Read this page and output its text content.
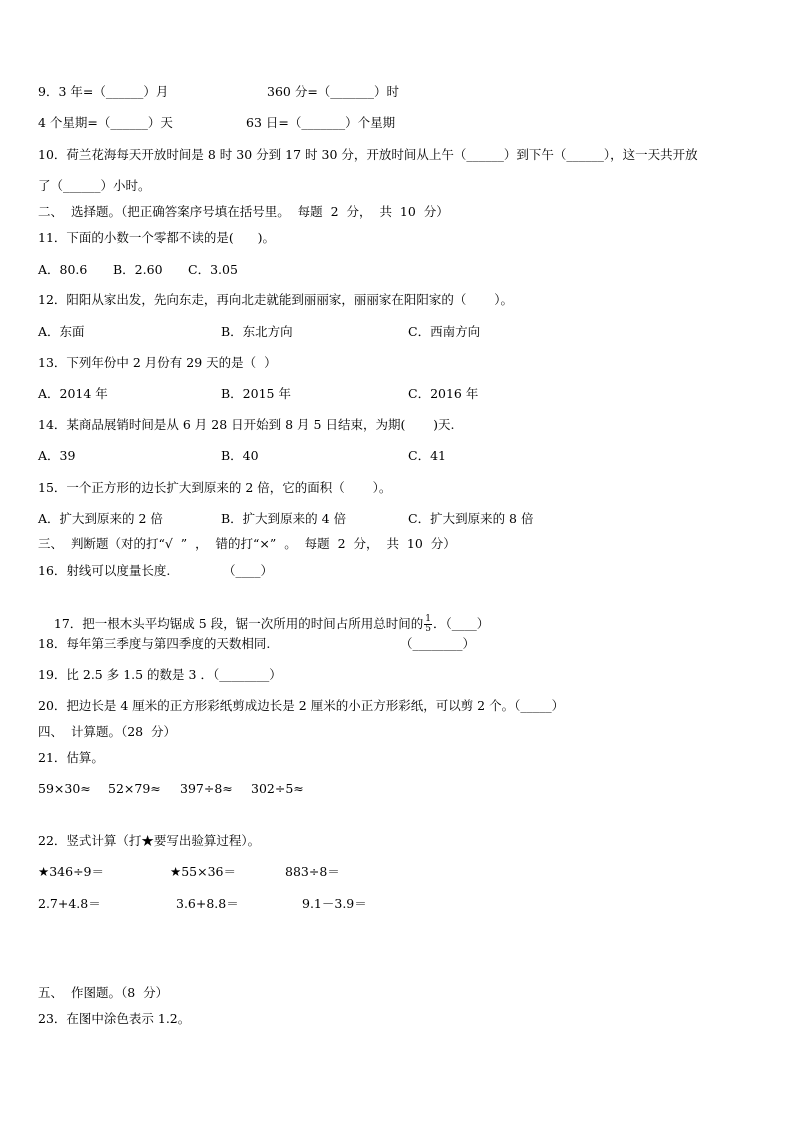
9．3 年=（______）月

	360 分=（_______）时

4 个星期=（______）天

	63 日=（_______）个星期

10．荷兰花海每天开放时间是 8 时 30 分到 17 时 30 分，开放时间从上午（______）到下午（______），这一天共开放
了（______）小时。
二、  选择题。（把正确答案序号填在括号里。  每题  2  分，  共  10  分）
11．下面的小数一个零都不读的是(      )。

A．80.6

B．2.60

C．3.05

12．阳阳从家出发，先向东走，再向北走就能到丽丽家，丽丽家在阳阳家的（       ）。

A．东面

	B．东北方向

	C．西南方向

13．下列年份中 2 月份有 29 天的是（  ）

A．2014 年

	B．2015 年

	C．2016 年

14．某商品展销时间是从 6 月 28 日开始到 8 月 5 日结束，为期(       )天.

A．39

	B．40

	C．41

15．一个正方形的边长扩大到原来的 2 倍，它的面积（       ）。

A．扩大到原来的 2 倍

	B．扩大到原来的 4 倍

	C．扩大到原来的 8 倍

三、  判断题（对的打“√  ”  ，  错的打“×”  。  每题  2  分，  共  10  分）

16．射线可以度量长度.

	（____）

17．把一根木头平均锯成 5 段，锯一次所用的时间占所用总时间的 $\frac{1}{5}$ ．（____）

18．每年第三季度与第四季度的天数相同.

	（________）

19．比 2.5 多 1.5 的数是 3 ．（________）
20．把边长是 4 厘米的正方形彩纸剪成边长是 2 厘米的小正方形彩纸，可以剪 2 个。（_____）
四、  计算题。（28  分）
21．估算。

59×30≈

52×79≈

397÷8≈

302÷5≈

22．竖式计算（打★要写出验算过程）。

★346÷9＝

	★55×36＝

	883÷8＝

2.7+4.8＝

	3.6+8.8＝

	9.1－3.9＝

五、  作图题。（8  分）
23．在图中涂色表示 1.2。
